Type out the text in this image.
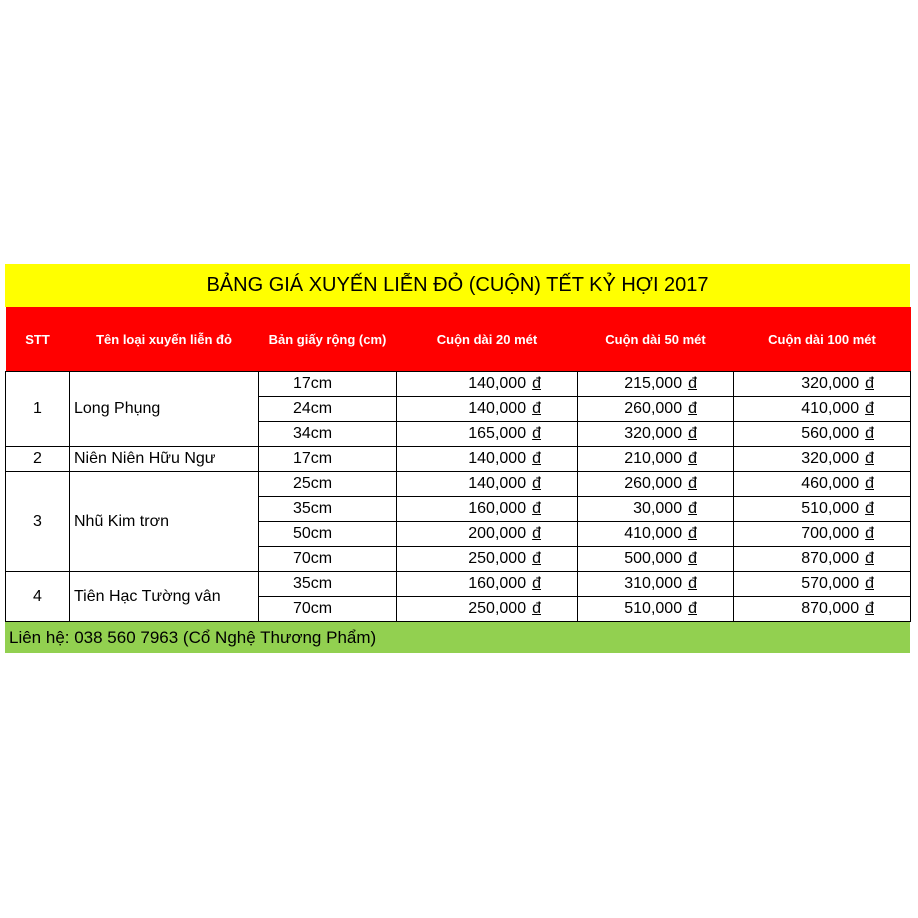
BẢNG GIÁ XUYẾN LIỄN ĐỎ (CUỘN) TẾT KỶ HỢI 2017
STT	Tên loại xuyến liễn đỏ	Bản giấy rộng (cm)	Cuộn dài 20 mét	Cuộn dài 50 mét	Cuộn dài 100 mét
1	Long Phụng	17cm	140,000 đ	215,000 đ	320,000 đ
		24cm	140,000 đ	260,000 đ	410,000 đ
		34cm	165,000 đ	320,000 đ	560,000 đ
2	Niên Niên Hữu Ngư	17cm	140,000 đ	210,000 đ	320,000 đ
3	Nhũ Kim trơn	25cm	140,000 đ	260,000 đ	460,000 đ
		35cm	160,000 đ	30,000 đ	510,000 đ
		50cm	200,000 đ	410,000 đ	700,000 đ
		70cm	250,000 đ	500,000 đ	870,000 đ
4	Tiên Hạc Tường vân	35cm	160,000 đ	310,000 đ	570,000 đ
		70cm	250,000 đ	510,000 đ	870,000 đ
Liên hệ: 038 560 7963 (Cổ Nghệ Thương Phẩm)
